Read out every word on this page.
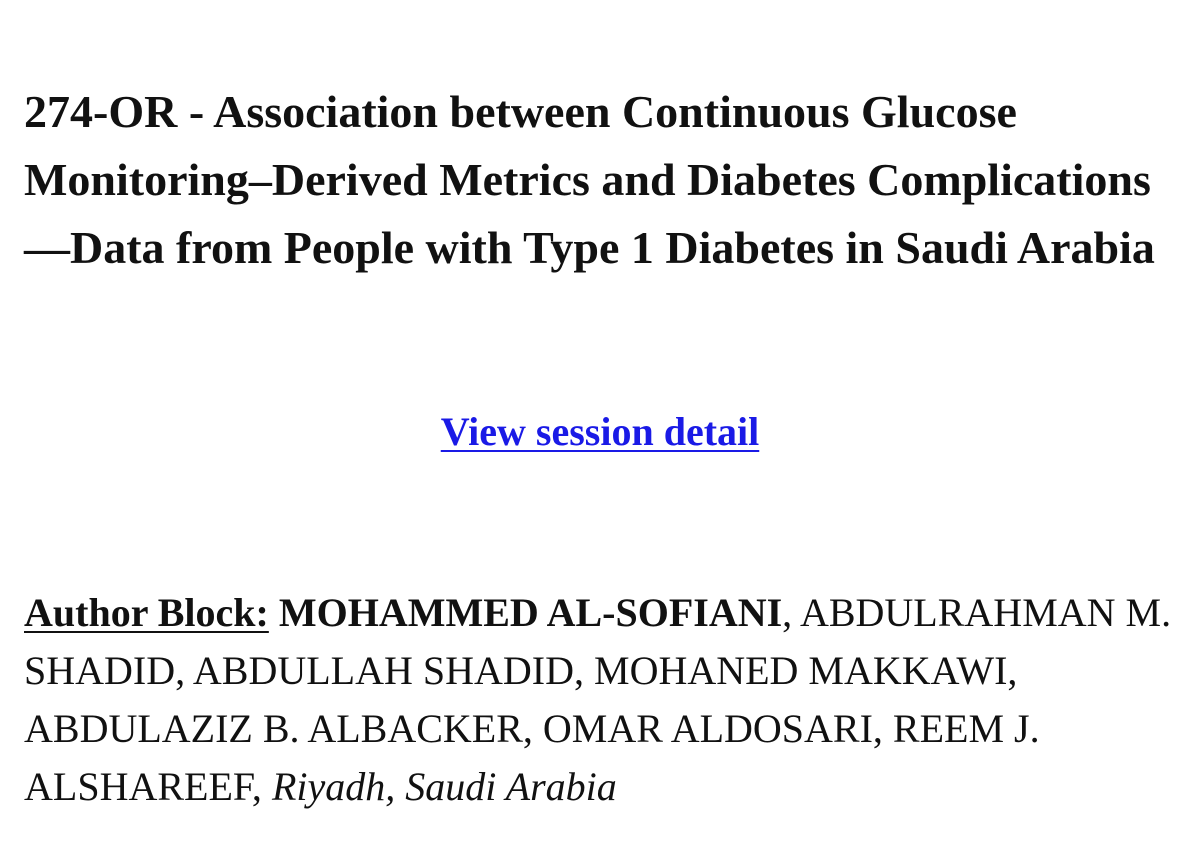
274-OR - Association between Continuous Glucose Monitoring–Derived Metrics and Diabetes Complications—Data from People with Type 1 Diabetes in Saudi Arabia
View session detail

Author Block: MOHAMMED AL-SOFIANI, ABDULRAHMAN M. SHADID, ABDULLAH SHADID, MOHANED MAKKAWI, ABDULAZIZ B. ALBACKER, OMAR ALDOSARI, REEM J. ALSHAREEF, Riyadh, Saudi Arabia
